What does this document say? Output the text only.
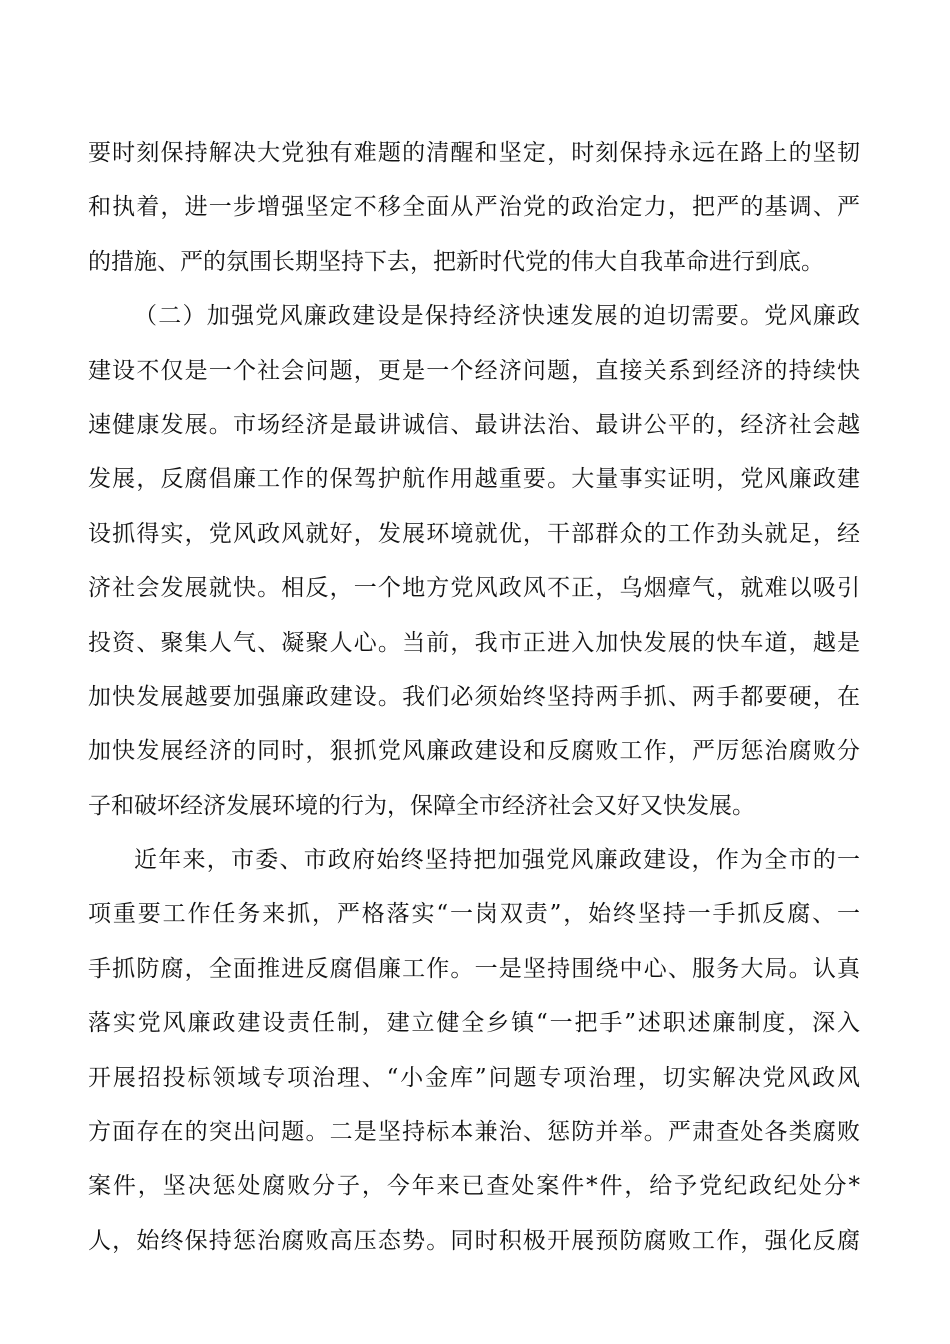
要时刻保持解决大党独有难题的清醒和坚定，时刻保持永远在路上的坚韧
和执着，进一步增强坚定不移全面从严治党的政治定力，把严的基调、严
的措施、严的氛围长期坚持下去，把新时代党的伟大自我革命进行到底。
（二）加强党风廉政建设是保持经济快速发展的迫切需要。党风廉政
建设不仅是一个社会问题，更是一个经济问题，直接关系到经济的持续快
速健康发展。市场经济是最讲诚信、最讲法治、最讲公平的，经济社会越
发展，反腐倡廉工作的保驾护航作用越重要。大量事实证明，党风廉政建
设抓得实，党风政风就好，发展环境就优，干部群众的工作劲头就足，经
济社会发展就快。相反，一个地方党风政风不正，乌烟瘴气，就难以吸引
投资、聚集人气、凝聚人心。当前，我市正进入加快发展的快车道，越是
加快发展越要加强廉政建设。我们必须始终坚持两手抓、两手都要硬，在
加快发展经济的同时，狠抓党风廉政建设和反腐败工作，严厉惩治腐败分
子和破坏经济发展环境的行为，保障全市经济社会又好又快发展。
近年来，市委、市政府始终坚持把加强党风廉政建设，作为全市的一
项重要工作任务来抓，严格落实“一岗双责”，始终坚持一手抓反腐、一
手抓防腐，全面推进反腐倡廉工作。一是坚持围绕中心、服务大局。认真
落实党风廉政建设责任制，建立健全乡镇“一把手”述职述廉制度，深入
开展招投标领域专项治理、“小金库”问题专项治理，切实解决党风政风
方面存在的突出问题。二是坚持标本兼治、惩防并举。严肃查处各类腐败
案件，坚决惩处腐败分子，今年来已查处案件*件，给予党纪政纪处分*
人，始终保持惩治腐败高压态势。同时积极开展预防腐败工作，强化反腐
